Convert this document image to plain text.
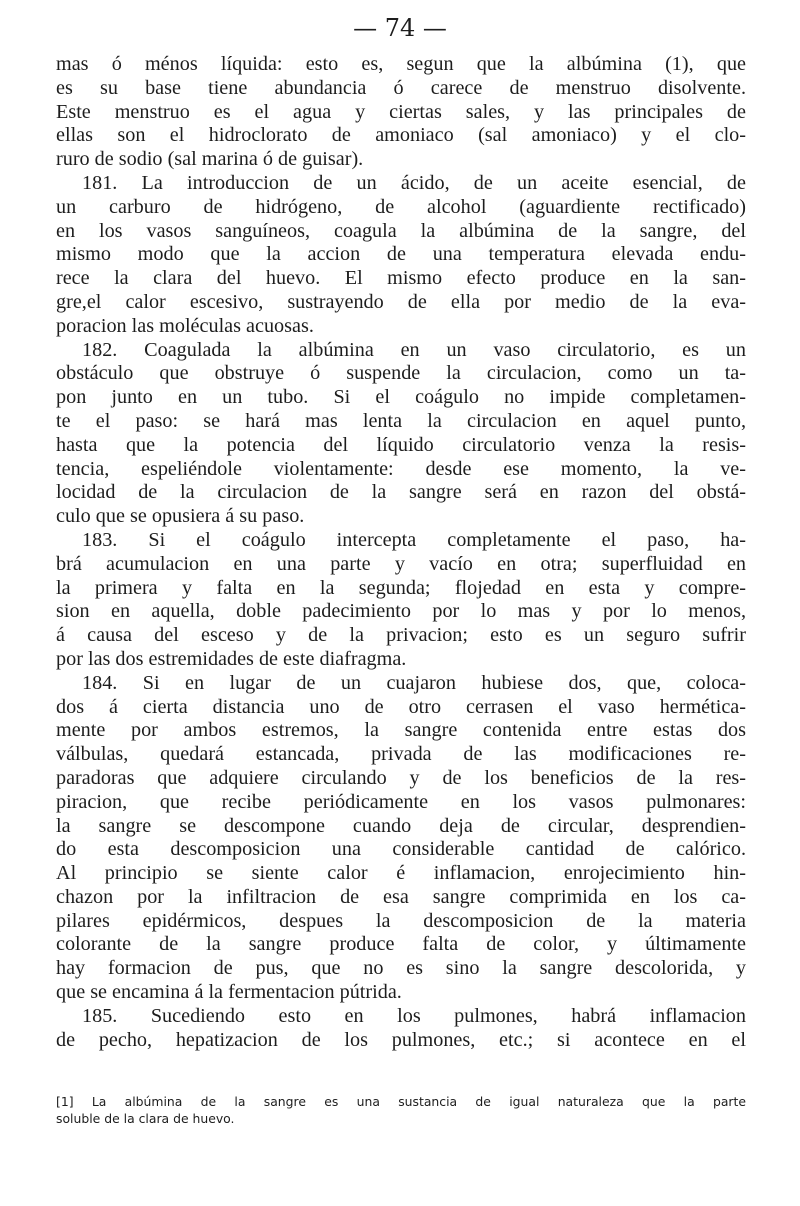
— 74 —
mas ó ménos líquida: esto es, segun que la albúmina (1), que
es su base tiene abundancia ó carece de menstruo disolvente.
Este menstruo es el agua y ciertas sales, y las principales de
ellas son el hidroclorato de amoniaco (sal amoniaco) y el clo-
ruro de sodio (sal marina ó de guisar).
181. La introduccion de un ácido, de un aceite esencial, de
un carburo de hidrógeno, de alcohol (aguardiente rectificado)
en los vasos sanguíneos, coagula la albúmina de la sangre, del
mismo modo que la accion de una temperatura elevada endu-
rece la clara del huevo. El mismo efecto produce en la san-
gre,el calor escesivo, sustrayendo de ella por medio de la eva-
poracion las moléculas acuosas.
182. Coagulada la albúmina en un vaso circulatorio, es un
obstáculo que obstruye ó suspende la circulacion, como un ta-
pon junto en un tubo. Si el coágulo no impide completamen-
te el paso: se hará mas lenta la circulacion en aquel punto,
hasta que la potencia del líquido circulatorio venza la resis-
tencia, espeliéndole violentamente: desde ese momento, la ve-
locidad de la circulacion de la sangre será en razon del obstá-
culo que se opusiera á su paso.
183. Si el coágulo intercepta completamente el paso, ha-
brá acumulacion en una parte y vacío en otra; superfluidad en
la primera y falta en la segunda; flojedad en esta y compre-
sion en aquella, doble padecimiento por lo mas y por lo menos,
á causa del esceso y de la privacion; esto es un seguro sufrir
por las dos estremidades de este diafragma.
184. Si en lugar de un cuajaron hubiese dos, que, coloca-
dos á cierta distancia uno de otro cerrasen el vaso hermética-
mente por ambos estremos, la sangre contenida entre estas dos
válbulas, quedará estancada, privada de las modificaciones re-
paradoras que adquiere circulando y de los beneficios de la res-
piracion, que recibe periódicamente en los vasos pulmonares:
la sangre se descompone cuando deja de circular, desprendien-
do esta descomposicion una considerable cantidad de calórico.
Al principio se siente calor é inflamacion, enrojecimiento hin-
chazon por la infiltracion de esa sangre comprimida en los ca-
pilares epidérmicos, despues la descomposicion de la materia
colorante de la sangre produce falta de color, y últimamente
hay formacion de pus, que no es sino la sangre descolorida, y
que se encamina á la fermentacion pútrida.
185. Sucediendo esto en los pulmones, habrá inflamacion
de pecho, hepatizacion de los pulmones, etc.; si acontece en el
[1] La albúmina de la sangre es una sustancia de igual naturaleza que la parte
soluble de la clara de huevo.
